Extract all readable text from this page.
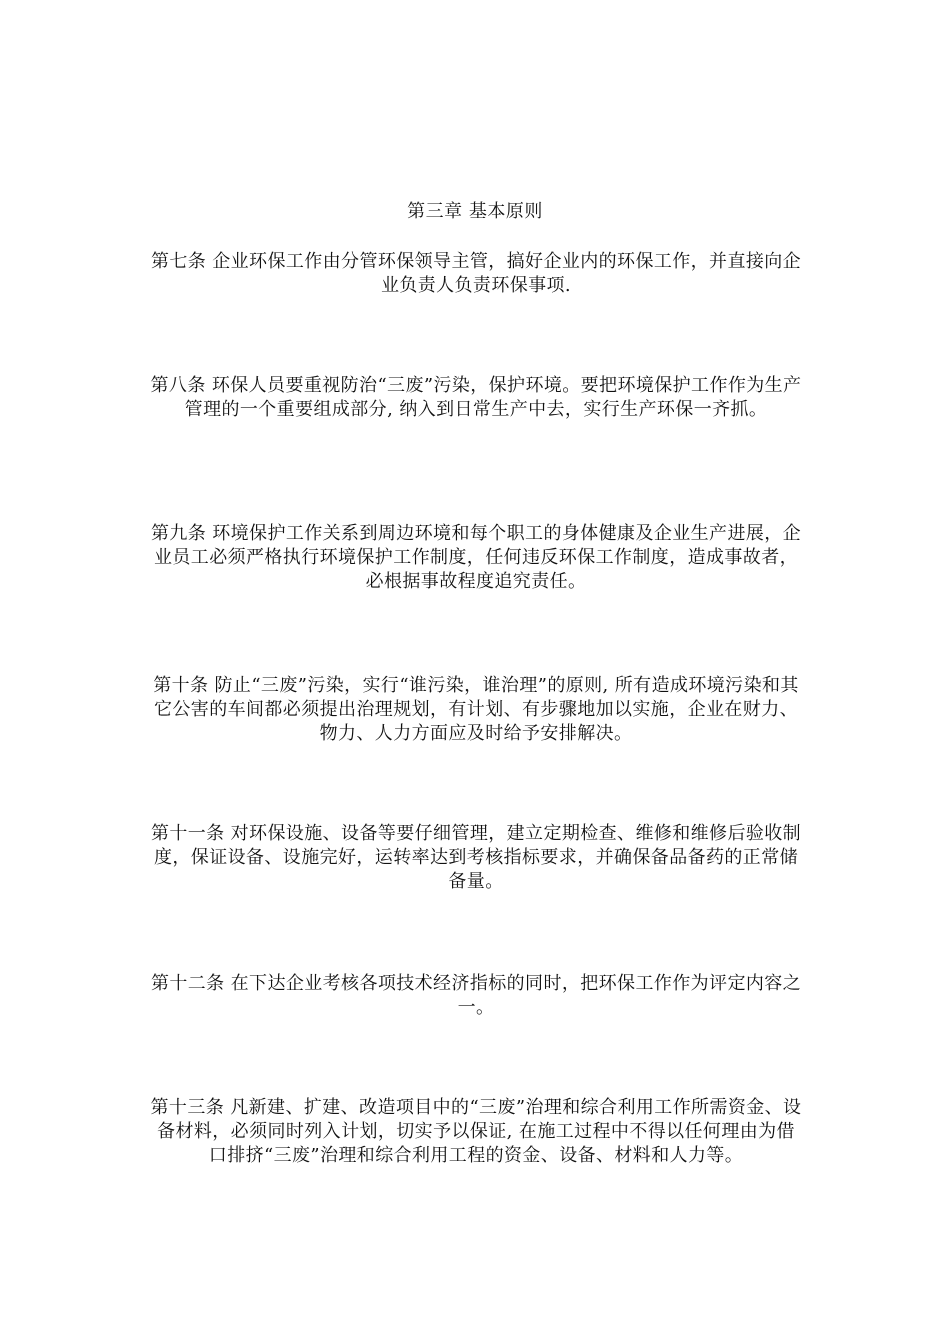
第三章 基本原则

第七条 企业环保工作由分管环保领导主管，搞好企业内的环保工作，并直接向企业负责人负责环保事项.

第八条 环保人员要重视防治“三废”污染，保护环境。要把环境保护工作作为生产管理的一个重要组成部分, 纳入到日常生产中去，实行生产环保一齐抓。

第九条 环境保护工作关系到周边环境和每个职工的身体健康及企业生产进展，企业员工必须严格执行环境保护工作制度，任何违反环保工作制度，造成事故者，必根据事故程度追究责任。

第十条 防止“三废”污染，实行“谁污染，谁治理”的原则, 所有造成环境污染和其它公害的车间都必须提出治理规划，有计划、有步骤地加以实施，企业在财力、物力、人力方面应及时给予安排解决。

第十一条 对环保设施、设备等要仔细管理，建立定期检查、维修和维修后验收制度，保证设备、设施完好，运转率达到考核指标要求，并确保备品备药的正常储备量。

第十二条 在下达企业考核各项技术经济指标的同时，把环保工作作为评定内容之一。

第十三条 凡新建、扩建、改造项目中的“三废”治理和综合利用工作所需资金、设备材料，必须同时列入计划，切实予以保证, 在施工过程中不得以任何理由为借口排挤“三废”治理和综合利用工程的资金、设备、材料和人力等。
